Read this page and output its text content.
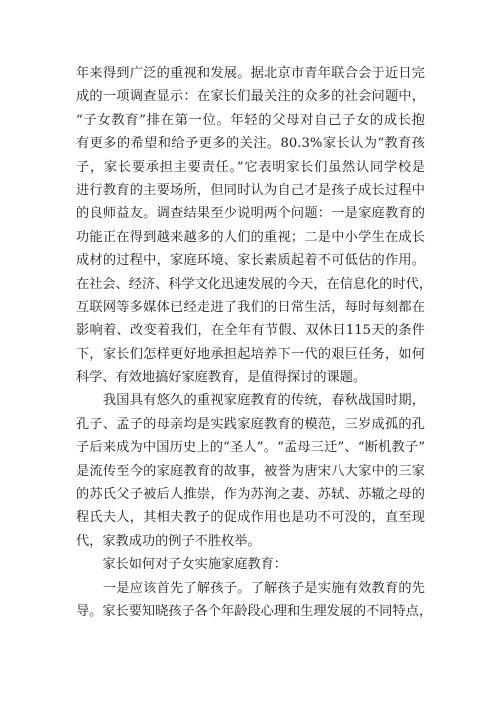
年来得到广泛的重视和发展。据北京市青年联合会于近日完
成的一项调查显示：在家长们最关注的众多的社会问题中，
“子女教育”排在第一位。年轻的父母对自己子女的成长抱
有更多的希望和给予更多的关注。80.3%家长认为“教育孩
子，家长要承担主要责任。”它表明家长们虽然认同学校是
进行教育的主要场所，但同时认为自己才是孩子成长过程中
的良师益友。调查结果至少说明两个问题：一是家庭教育的
功能正在得到越来越多的人们的重视；二是中小学生在成长
成材的过程中，家庭环境、家长素质起着不可低估的作用。
在社会、经济、科学文化迅速发展的今天，在信息化的时代，
互联网等多媒体已经走进了我们的日常生活，每时每刻都在
影响着、改变着我们，在全年有节假、双休日115天的条件
下，家长们怎样更好地承担起培养下一代的艰巨任务，如何
科学、有效地搞好家庭教育，是值得探讨的课题。
　　我国具有悠久的重视家庭教育的传统，春秋战国时期，
孔子、孟子的母亲均是实践家庭教育的模范，三岁成孤的孔
子后来成为中国历史上的“圣人”。“孟母三迁”、“断机教子”
是流传至今的家庭教育的故事，被誉为唐宋八大家中的三家
的苏氏父子被后人推崇，作为苏洵之妻、苏轼、苏辙之母的
程氏夫人，其相夫教子的促成作用也是功不可没的，直至现
代，家教成功的例子不胜枚举。
　　家长如何对子女实施家庭教育：
　　一是应该首先了解孩子。了解孩子是实施有效教育的先
导。家长要知晓孩子各个年龄段心理和生理发展的不同特点，
